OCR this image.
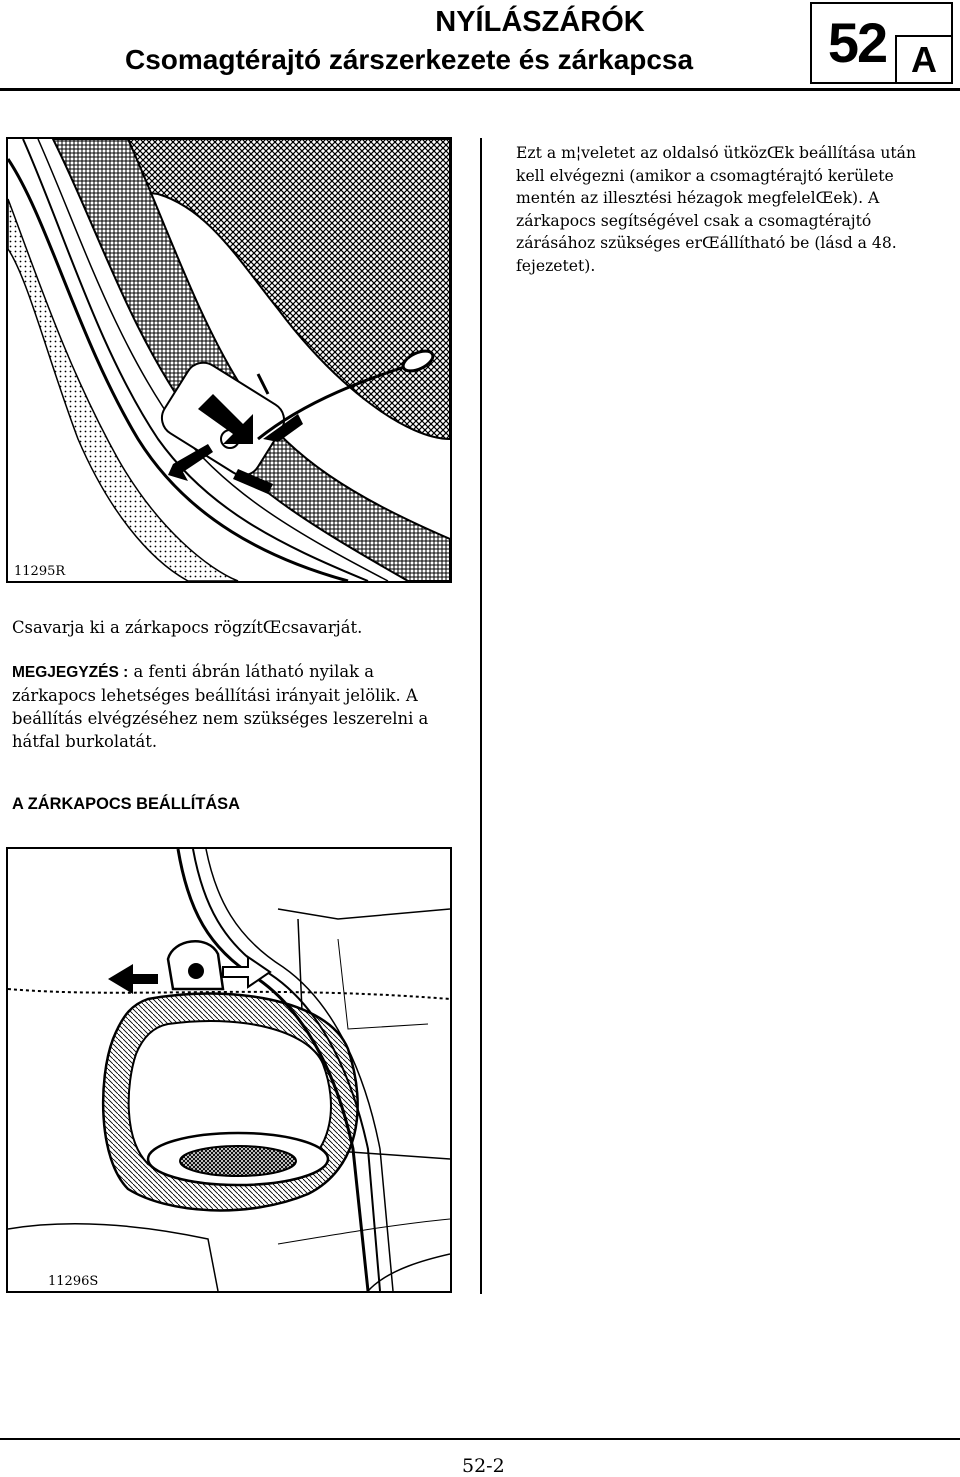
NYÍLÁSZÁRÓK
Csomagtérajtó zárszerkezete és zárkapcsa 52 A
11295R

Ezt a m¦veletet az oldalsó ütközŒk beállítása után kell elvégezni (amikor a csomagtérajtó kerülete mentén az illesztési hézagok megfelelŒek). A zárkapocs segítségével csak a csomagtérajtó zárásához szükséges erŒállítható be (lásd a 48. fejezetet).

Csavarja ki a zárkapocs rögzítŒcsavarját.
MEGJEGYZÉS : a fenti ábrán látható nyilak a zárkapocs lehetséges beállítási irányait jelölik. A beállítás elvégzéséhez nem szükséges leszerelni a hátfal burkolatát.
A ZÁRKAPOCS BEÁLLÍTÁSA
11296S
52-2
